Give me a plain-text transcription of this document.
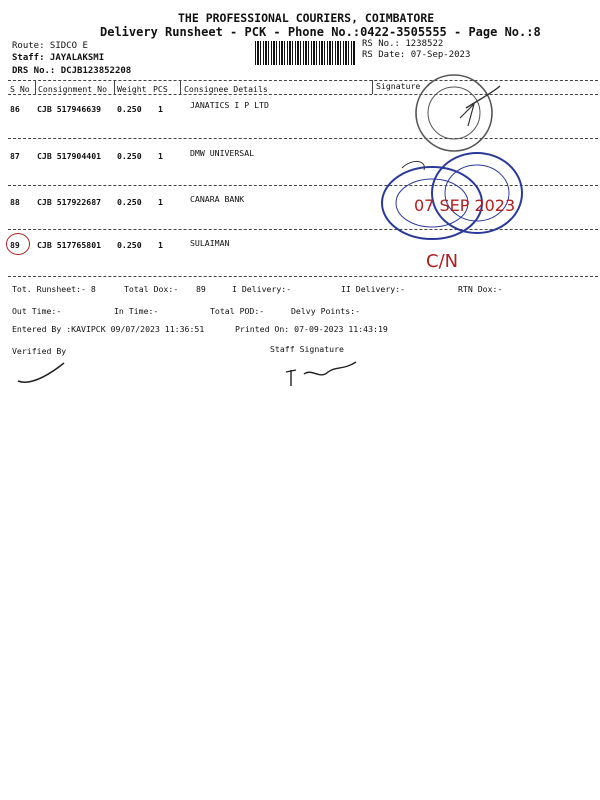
THE PROFESSIONAL COURIERS, COIMBATORE
Delivery Runsheet - PCK - Phone No.:0422-3505555 - Page No.:8
Route: SIDCO E
Staff: JAYALAKSMI
DRS No.: DCJB123852208
RS No.: 1238522
RS Date: 07-Sep-2023
S No Consignment No Weight PCS Consignee Details	Signature
86 CJB 517946639 0.250 1	JANATICS I P LTD
87 CJB 517904401 0.250 1	DMW UNIVERSAL
88 CJB 517922687 0.250 1	CANARA BANK
89 CJB 517765801 0.250 1	SULAIMAN
07 SEP 2023
C/N
Tot. Runsheet:- 8	Total Dox:- 89	I Delivery:-	II Delivery:-	RTN Dox:-
Out Time:-	In Time:-	Total POD:-	Delvy Points:-
Entered By :KAVIPCK 09/07/2023 11:36:51	Printed On: 07-09-2023 11:43:19
Verified By	Staff Signature
